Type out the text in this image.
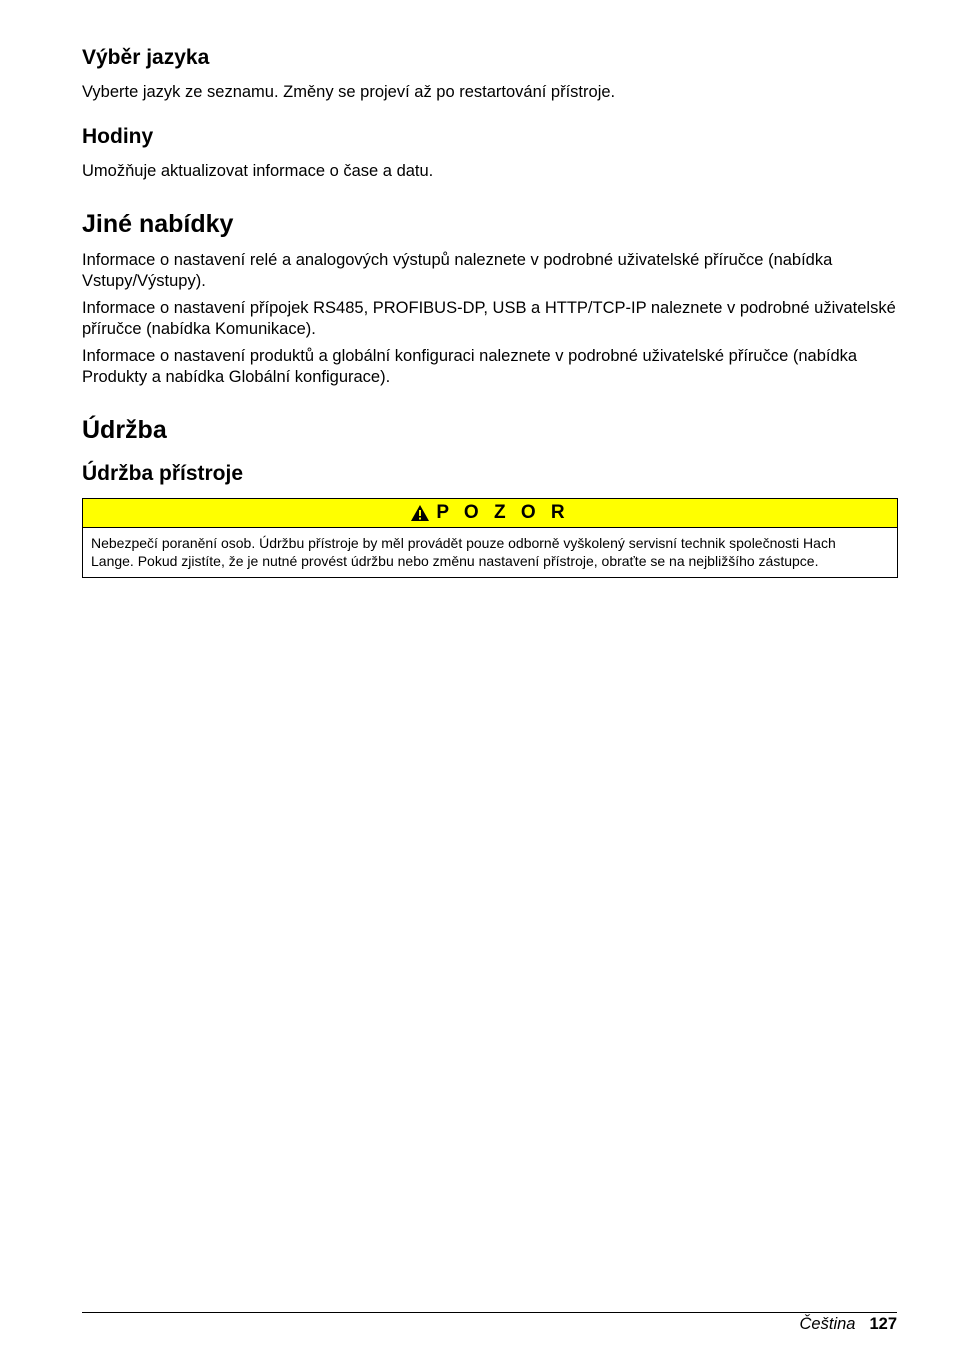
Výběr jazyka

Vyberte jazyk ze seznamu. Změny se projeví až po restartování přístroje.

Hodiny

Umožňuje aktualizovat informace o čase a datu.

Jiné nabídky

Informace o nastavení relé a analogových výstupů naleznete v podrobné uživatelské příručce (nabídka Vstupy/Výstupy).

Informace o nastavení přípojek RS485, PROFIBUS-DP, USB a HTTP/TCP-IP naleznete v podrobné uživatelské příručce (nabídka Komunikace).

Informace o nastavení produktů a globální konfiguraci naleznete v podrobné uživatelské příručce (nabídka Produkty a nabídka Globální konfigurace).

Údržba
Údržba přístroje
P O Z O R
Nebezpečí poranění osob. Údržbu přístroje by měl provádět pouze odborně vyškolený servisní technik společnosti Hach Lange. Pokud zjistíte, že je nutné provést údržbu nebo změnu nastavení přístroje, obraťte se na nejbližšího zástupce.
Čeština 127
